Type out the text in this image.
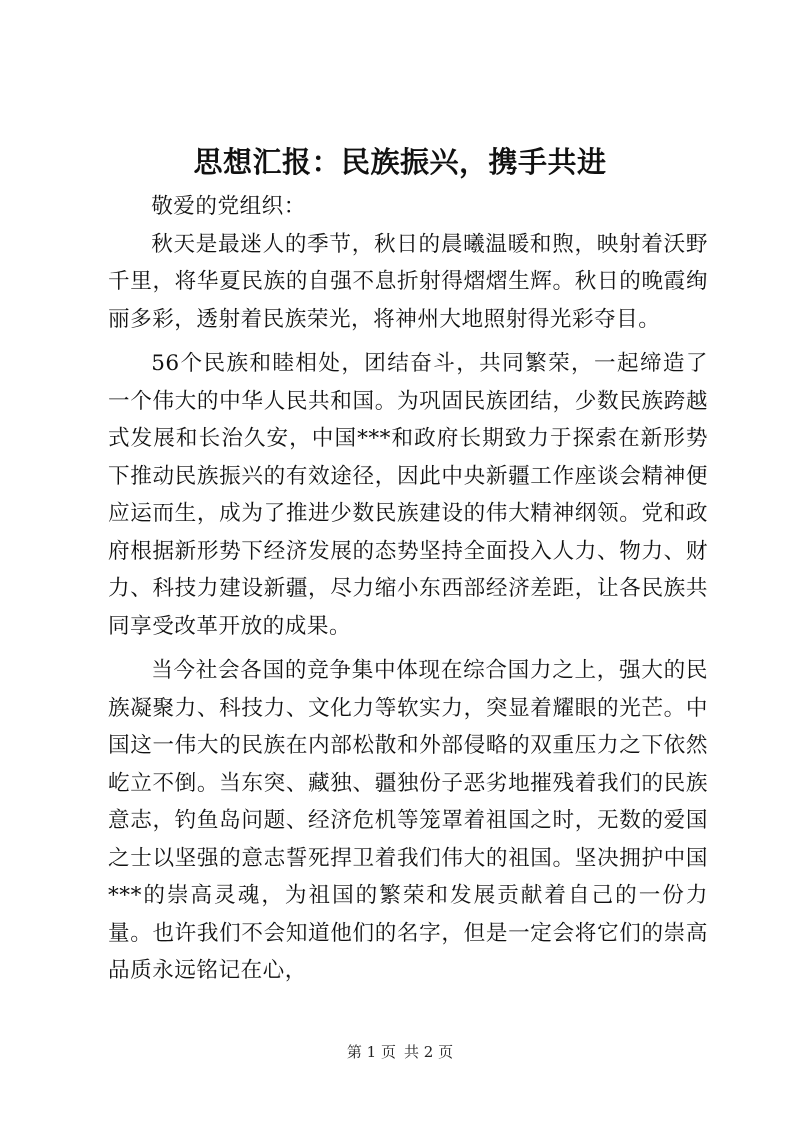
思想汇报：民族振兴，携手共进

敬爱的党组织：

秋天是最迷人的季节，秋日的晨曦温暖和煦，映射着沃野千里，将华夏民族的自强不息折射得熠熠生辉。秋日的晚霞绚丽多彩，透射着民族荣光，将神州大地照射得光彩夺目。

56个民族和睦相处，团结奋斗，共同繁荣，一起缔造了一个伟大的中华人民共和国。为巩固民族团结，少数民族跨越式发展和长治久安，中国***和政府长期致力于探索在新形势下推动民族振兴的有效途径，因此中央新疆工作座谈会精神便应运而生，成为了推进少数民族建设的伟大精神纲领。党和政府根据新形势下经济发展的态势坚持全面投入人力、物力、财力、科技力建设新疆，尽力缩小东西部经济差距，让各民族共同享受改革开放的成果。

当今社会各国的竞争集中体现在综合国力之上，强大的民族凝聚力、科技力、文化力等软实力，突显着耀眼的光芒。中国这一伟大的民族在内部松散和外部侵略的双重压力之下依然屹立不倒。当东突、藏独、疆独份子恶劣地摧残着我们的民族意志，钓鱼岛问题、经济危机等笼罩着祖国之时，无数的爱国之士以坚强的意志誓死捍卫着我们伟大的祖国。坚决拥护中国***的崇高灵魂，为祖国的繁荣和发展贡献着自己的一份力量。也许我们不会知道他们的名字，但是一定会将它们的崇高品质永远铭记在心，

第 1 页 共 2 页
